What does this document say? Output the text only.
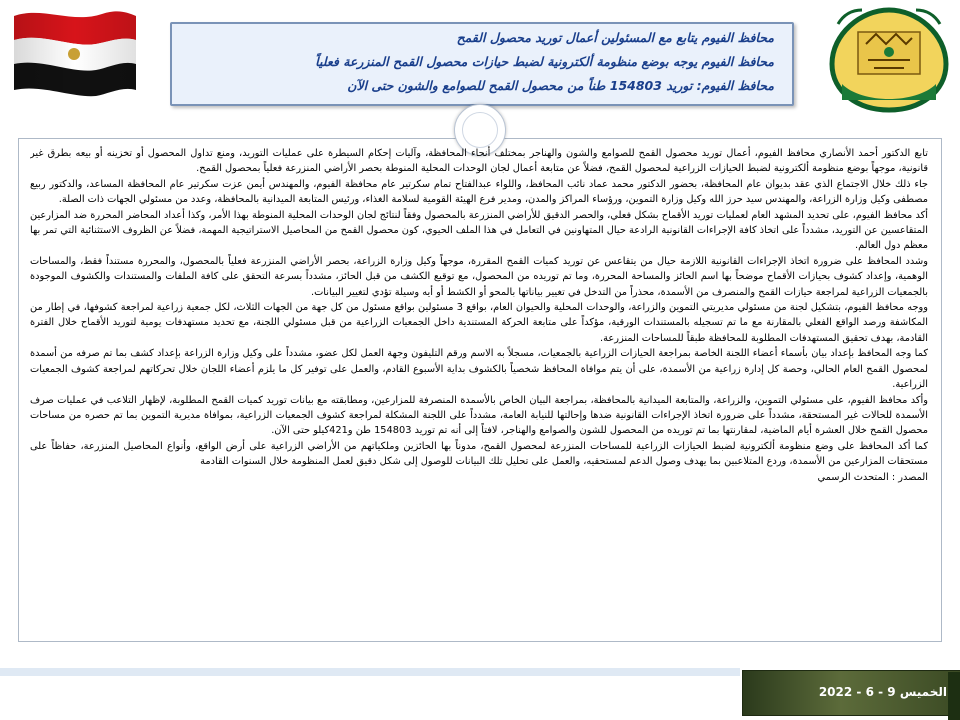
محافظ الفيوم يتابع مع المسئولين أعمال توريد محصول القمح
محافظ الفيوم يوجه بوضع منظومة ألكترونية لضبط حيازات محصول القمح المنزرعة فعلياً
محافظ الفيوم: توريد 154803 طناً من محصول القمح للصوامع والشون حتى الآن

تابع الدكتور أحمد الأنصاري محافظ الفيوم، أعمال توريد محصول القمح للصوامع والشون والهناجر بمختلف أنحاء المحافظة، وآليات إحكام السيطرة على عمليات التوريد، ومنع تداول المحصول أو تخزينه أو بيعه بطرق غير قانونية، موجهاً بوضع منظومة ألكترونية لضبط الحيازات الزراعية لمحصول القمح، فضلاً عن متابعة أعمال لجان الوحدات المحلية المنوطة بحصر الأراضي المنزرعة فعلياً بمحصول القمح.

جاء ذلك خلال الاجتماع الذي عقد بديوان عام المحافظة، بحضور الدكتور محمد عماد نائب المحافظ، واللواء عبدالفتاح تمام سكرتير عام محافظة الفيوم، والمهندس أيمن عزت سكرتير عام المحافظة المساعد، والدكتور ربيع مصطفى وكيل وزارة الزراعة، والمهندس سيد حرز الله وكيل وزارة التموين، ورؤساء المراكز والمدن، ومدير فرع الهيئة القومية لسلامة الغذاء، ورئيس المتابعة الميدانية بالمحافظة، وعدد من مسئولي الجهات ذات الصلة.

أكد محافظ الفيوم، على تحديد المشهد العام لعمليات توريد الأقماح بشكل فعلي، والحصر الدقيق للأراضي المنزرعة بالمحصول وفقاً لنتائج لجان الوحدات المحلية المنوطة بهذا الأمر، وكذا أعداد المحاضر المحررة ضد المزارعين المتقاعسين عن التوريد، مشدداً على اتخاذ كافة الإجراءات القانونية الرادعة حيال المتهاونين في التعامل في هذا الملف الحيوي، كون محصول القمح من المحاصيل الاستراتيجية المهمة، فضلاً عن الظروف الاستثنائية التي تمر بها معظم دول العالم.

وشدد المحافظ على ضرورة اتخاذ الإجراءات القانونية اللازمة حيال من يتقاعس عن توريد كميات القمح المقررة، موجهاً وكيل وزارة الزراعة، بحصر الأراضي المنزرعة فعلياً بالمحصول، والمحررة مستنداً فقط، والمساحات الوهمية، وإعداد كشوف بحيازات الأقماح موضحاً بها اسم الحائز والمساحة المحررة، وما تم توريده من المحصول، مع توقيع الكشف من قبل الحائز، مشدداً بسرعة التحقق على كافة الملفات والمستندات والكشوف الموجودة بالجمعيات الزراعية لمراجعة حيازات القمح والمنصرف من الأسمدة، محذراً من التدخل في تغيير بياناتها بالمحو أو الكشط أو أيه وسيلة تؤدي لتغيير البيانات.

ووجه محافظ الفيوم، بتشكيل لجنة من مسئولي مديريتي التموين والزراعة، والوحدات المحلية والحيوان العام، بواقع 3 مسئولين بواقع مسئول من كل جهة من الجهات الثلاث، لكل جمعية زراعية لمراجعة كشوفها، في إطار من المكاشفة ورصد الواقع الفعلي بالمقارنة مع ما تم تسجيله بالمستندات الورقية، مؤكداً على متابعة الحركة المستندية داخل الجمعيات الزراعية من قبل مسئولي اللجنة، مع تحديد مستهدفات يومية لتوريد الأقماح خلال الفترة القادمة، بهدف تحقيق المستهدفات المطلوبة للمحافظة طبقاً للمساحات المنزرعة.

كما وجه المحافظ بإعداد بيان بأسماء أعضاء اللجنة الخاصة بمراجعة الحيازات الزراعية بالجمعيات، مسجلاً به الاسم ورقم التليفون وجهة العمل لكل عضو، مشدداً على وكيل وزارة الزراعة بإعداد كشف بما تم صرفه من أسمدة لمحصول القمح العام الحالي، وحصة كل إدارة زراعية من الأسمدة، على أن يتم موافاة المحافظ شخصياً بالكشوف بداية الأسبوع القادم، والعمل على توفير كل ما يلزم أعضاء اللجان خلال تحركاتهم لمراجعة كشوف الجمعيات الزراعية.

وأكد محافظ الفيوم، على مسئولي التموين، والزراعة، والمتابعة الميدانية بالمحافظة، بمراجعة البيان الخاص بالأسمدة المنصرفة للمزارعين، ومطابقته مع بيانات توريد كميات القمح المطلوبة، لإظهار التلاعب في عمليات صرف الأسمدة للحالات غير المستحقة، مشدداً على ضرورة اتخاذ الإجراءات القانونية ضدها وإحالتها للنيابة العامة، مشدداً على اللجنة المشكلة لمراجعة كشوف الجمعيات الزراعية، بموافاة مديرية التموين بما تم حصره من مساحات محصول القمح خلال العشرة أيام الماضية، لمقارنتها بما تم توريده من المحصول للشون والصوامع والهناجر، لافتاً إلى أنه تم توريد 154803 طن و421كيلو حتى الآن.

كما أكد المحافظ على وضع منظومة ألكترونية لضبط الحيازات الزراعية للمساحات المنزرعة لمحصول القمح، مدوناً بها الحائزين وملكياتهم من الأراضي الزراعية على أرض الواقع، وأنواع المحاصيل المنزرعة، حفاظاً على مستحقات المزارعين من الأسمدة، وردع المتلاعبين بما يهدف وصول الدعم لمستحقيه، والعمل على تحليل تلك البيانات للوصول إلى شكل دقيق لعمل المنظومة خلال السنوات القادمة

المصدر : المتحدث الرسمي

الخميس 9 - 6 - 2022
